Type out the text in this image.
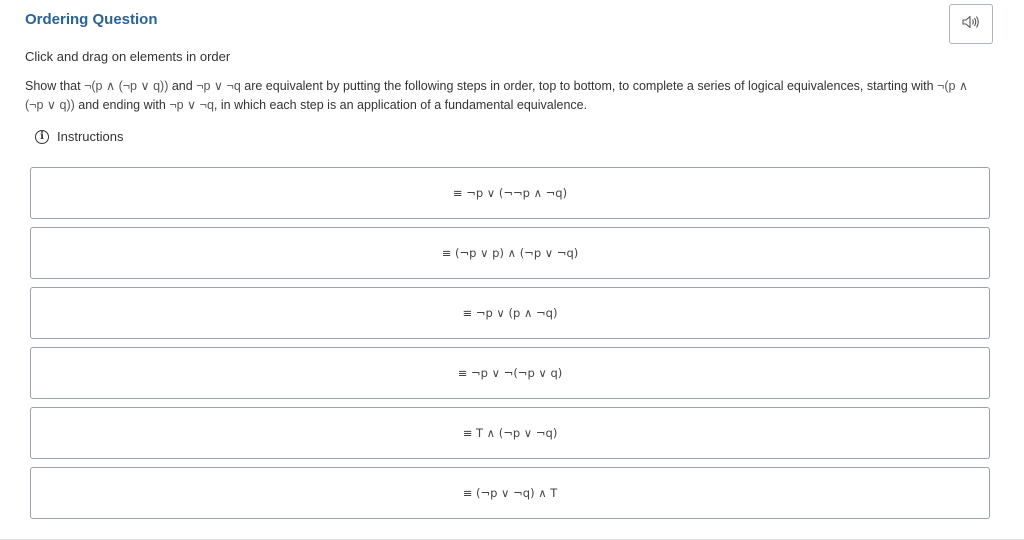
Ordering Question
Click and drag on elements in order
Show that ¬(p ∧ (¬p ∨ q)) and ¬p ∨ ¬q are equivalent by putting the following steps in order, top to bottom, to complete a series of logical equivalences, starting with ¬(p ∧ (¬p ∨ q)) and ending with ¬p ∨ ¬q, in which each step is an application of a fundamental equivalence.
i	Instructions
≡ ¬p ∨ (¬¬p ∧ ¬q)
≡ (¬p ∨ p) ∧ (¬p ∨ ¬q)
≡ ¬p ∨ (p ∧ ¬q)
≡ ¬p ∨ ¬(¬p ∨ q)
≡ T ∧ (¬p ∨ ¬q)
≡ (¬p ∨ ¬q) ∧ T
